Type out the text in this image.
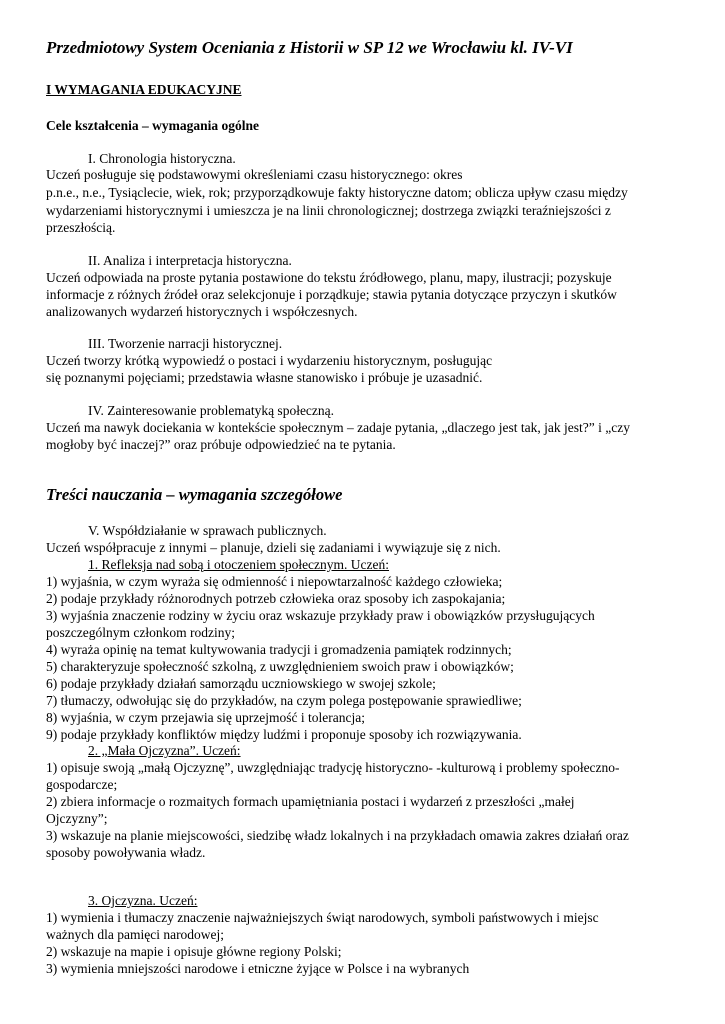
Przedmiotowy System Oceniania z Historii w SP 12 we Wrocławiu kl. IV-VI
I WYMAGANIA EDUKACYJNE
Cele kształcenia – wymagania ogólne

I. Chronologia historyczna.

Uczeń posługuje się podstawowymi określeniami czasu historycznego: okres

p.n.e., n.e., Tysiąclecie, wiek, rok; przyporządkowuje fakty historyczne datom; oblicza upływ czasu między

wydarzeniami historycznymi i umieszcza je na linii chronologicznej; dostrzega związki teraźniejszości z

przeszłością.

II. Analiza i interpretacja historyczna.

Uczeń odpowiada na proste pytania postawione do tekstu źródłowego, planu, mapy, ilustracji; pozyskuje

informacje z różnych źródeł oraz selekcjonuje i porządkuje; stawia pytania dotyczące przyczyn i skutków

analizowanych wydarzeń historycznych i współczesnych.

III. Tworzenie narracji historycznej.

Uczeń tworzy krótką wypowiedź o postaci i wydarzeniu historycznym, posługując

się poznanymi pojęciami; przedstawia własne stanowisko i próbuje je uzasadnić.

IV. Zainteresowanie problematyką społeczną.

Uczeń ma nawyk dociekania w kontekście społecznym – zadaje pytania, „dlaczego jest tak, jak jest?” i „czy

mogłoby być inaczej?” oraz próbuje odpowiedzieć na te pytania.

Treści nauczania – wymagania szczegółowe

V. Współdziałanie w sprawach publicznych.

Uczeń współpracuje z innymi – planuje, dzieli się zadaniami i wywiązuje się z nich.

1. Refleksja nad sobą i otoczeniem społecznym. Uczeń:

1) wyjaśnia, w czym wyraża się odmienność i niepowtarzalność każdego człowieka;

2) podaje przykłady różnorodnych potrzeb człowieka oraz sposoby ich zaspokajania;

3) wyjaśnia znaczenie rodziny w życiu oraz wskazuje przykłady praw i obowiązków przysługujących

poszczególnym członkom rodziny;

4) wyraża opinię na temat kultywowania tradycji i gromadzenia pamiątek rodzinnych;

5) charakteryzuje społeczność szkolną, z uwzględnieniem swoich praw i obowiązków;

6) podaje przykłady działań samorządu uczniowskiego w swojej szkole;

7) tłumaczy, odwołując się do przykładów, na czym polega postępowanie sprawiedliwe;

8) wyjaśnia, w czym przejawia się uprzejmość i tolerancja;

9) podaje przykłady konfliktów między ludźmi i proponuje sposoby ich rozwiązywania.

2. „Mała Ojczyzna”. Uczeń:

1) opisuje swoją „małą Ojczyznę”, uwzględniając tradycję historyczno- -kulturową i problemy społeczno-

gospodarcze;

2) zbiera informacje o rozmaitych formach upamiętniania postaci i wydarzeń z przeszłości „małej

Ojczyzny”;

3) wskazuje na planie miejscowości, siedzibę władz lokalnych i na przykładach omawia zakres działań oraz

sposoby powoływania władz.

3. Ojczyzna. Uczeń:

1) wymienia i tłumaczy znaczenie najważniejszych świąt narodowych, symboli państwowych i miejsc

ważnych dla pamięci narodowej;

2) wskazuje na mapie i opisuje główne regiony Polski;

3) wymienia mniejszości narodowe i etniczne żyjące w Polsce i na wybranych
